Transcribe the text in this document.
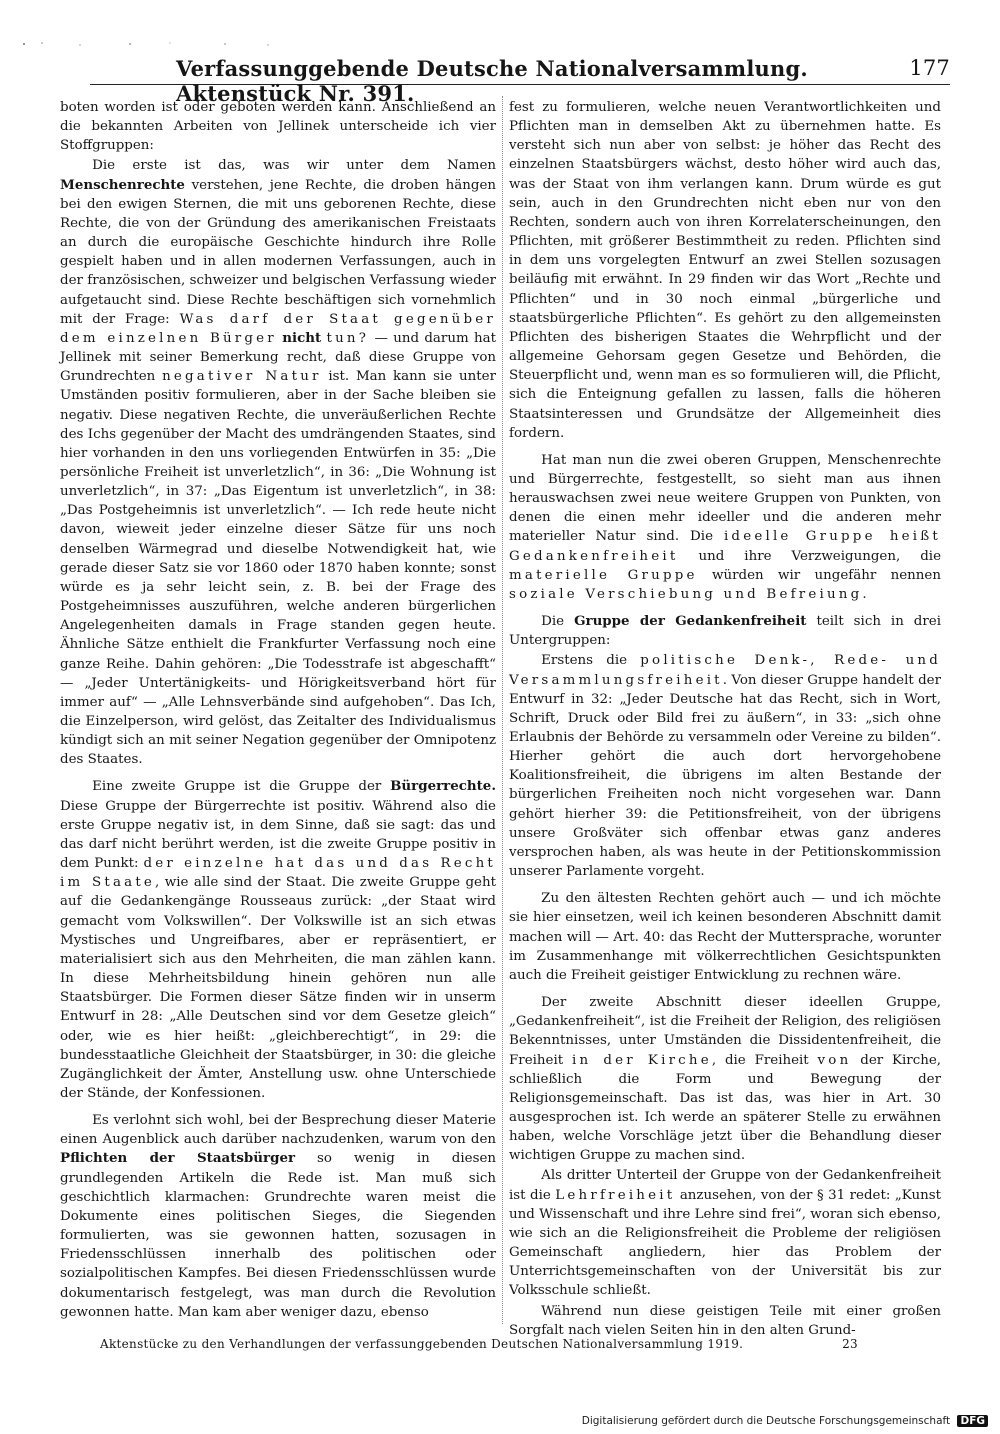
Verfassunggebende Deutsche Nationalversammlung. Aktenstück Nr. 391.
177

boten worden ist oder geboten werden kann. Anschließend an die bekannten Arbeiten von Jellinek unterscheide ich vier Stoffgruppen:

Die erste ist das, was wir unter dem Namen Menschenrechte verstehen, jene Rechte, die droben hängen bei den ewigen Sternen, die mit uns geborenen Rechte, diese Rechte, die von der Gründung des amerikanischen Freistaats an durch die europäische Geschichte hindurch ihre Rolle gespielt haben und in allen modernen Verfassungen, auch in der französischen, schweizer und belgischen Verfassung wieder aufgetaucht sind. Diese Rechte beschäftigen sich vornehmlich mit der Frage: Was darf der Staat gegenüber dem einzelnen Bürger nicht tun? — und darum hat Jellinek mit seiner Bemerkung recht, daß diese Gruppe von Grundrechten negativer Natur ist. Man kann sie unter Umständen positiv formulieren, aber in der Sache bleiben sie negativ. Diese negativen Rechte, die unveräußerlichen Rechte des Ichs gegenüber der Macht des umdrängenden Staates, sind hier vorhanden in den uns vorliegenden Entwürfen in 35: „Die persönliche Freiheit ist unverletzlich“, in 36: „Die Wohnung ist unverletzlich“, in 37: „Das Eigentum ist unverletzlich“, in 38: „Das Postgeheimnis ist unverletzlich“. — Ich rede heute nicht davon, wieweit jeder einzelne dieser Sätze für uns noch denselben Wärmegrad und dieselbe Notwendigkeit hat, wie gerade dieser Satz sie vor 1860 oder 1870 haben konnte; sonst würde es ja sehr leicht sein, z. B. bei der Frage des Postgeheimnisses auszuführen, welche anderen bürgerlichen Angelegenheiten damals in Frage standen gegen heute. Ähnliche Sätze enthielt die Frankfurter Verfassung noch eine ganze Reihe. Dahin gehören: „Die Todesstrafe ist abgeschafft“ — „Jeder Untertänigkeits- und Hörigkeitsverband hört für immer auf“ — „Alle Lehnsverbände sind aufgehoben“. Das Ich, die Einzelperson, wird gelöst, das Zeitalter des Individualismus kündigt sich an mit seiner Negation gegenüber der Omnipotenz des Staates.

Eine zweite Gruppe ist die Gruppe der Bürgerrechte. Diese Gruppe der Bürgerrechte ist positiv. Während also die erste Gruppe negativ ist, in dem Sinne, daß sie sagt: das und das darf nicht berührt werden, ist die zweite Gruppe positiv in dem Punkt: der einzelne hat das und das Recht im Staate, wie alle sind der Staat. Die zweite Gruppe geht auf die Gedankengänge Rousseaus zurück: „der Staat wird gemacht vom Volkswillen“. Der Volkswille ist an sich etwas Mystisches und Ungreifbares, aber er repräsentiert, er materialisiert sich aus den Mehrheiten, die man zählen kann. In diese Mehrheitsbildung hinein gehören nun alle Staatsbürger. Die Formen dieser Sätze finden wir in unserm Entwurf in 28: „Alle Deutschen sind vor dem Gesetze gleich“ oder, wie es hier heißt: „gleichberechtigt“, in 29: die bundesstaatliche Gleichheit der Staatsbürger, in 30: die gleiche Zugänglichkeit der Ämter, Anstellung usw. ohne Unterschiede der Stände, der Konfessionen.

Es verlohnt sich wohl, bei der Besprechung dieser Materie einen Augenblick auch darüber nachzudenken, warum von den Pflichten der Staatsbürger so wenig in diesen grundlegenden Artikeln die Rede ist. Man muß sich geschichtlich klarmachen: Grundrechte waren meist die Dokumente eines politischen Sieges, die Siegenden formulierten, was sie gewonnen hatten, sozusagen in Friedensschlüssen innerhalb des politischen oder sozialpolitischen Kampfes. Bei diesen Friedensschlüssen wurde dokumentarisch festgelegt, was man durch die Revolution gewonnen hatte. Man kam aber weniger dazu, ebenso

fest zu formulieren, welche neuen Verantwortlichkeiten und Pflichten man in demselben Akt zu übernehmen hatte. Es versteht sich nun aber von selbst: je höher das Recht des einzelnen Staatsbürgers wächst, desto höher wird auch das, was der Staat von ihm verlangen kann. Drum würde es gut sein, auch in den Grundrechten nicht eben nur von den Rechten, sondern auch von ihren Korrelaterscheinungen, den Pflichten, mit größerer Bestimmtheit zu reden. Pflichten sind in dem uns vorgelegten Entwurf an zwei Stellen sozusagen beiläufig mit erwähnt. In 29 finden wir das Wort „Rechte und Pflichten“ und in 30 noch einmal „bürgerliche und staatsbürgerliche Pflichten“. Es gehört zu den allgemeinsten Pflichten des bisherigen Staates die Wehrpflicht und der allgemeine Gehorsam gegen Gesetze und Behörden, die Steuerpflicht und, wenn man es so formulieren will, die Pflicht, sich die Enteignung gefallen zu lassen, falls die höheren Staatsinteressen und Grundsätze der Allgemeinheit dies fordern.

Hat man nun die zwei oberen Gruppen, Menschenrechte und Bürgerrechte, festgestellt, so sieht man aus ihnen herauswachsen zwei neue weitere Gruppen von Punkten, von denen die einen mehr ideeller und die anderen mehr materieller Natur sind. Die ideelle Gruppe heißt Gedankenfreiheit und ihre Verzweigungen, die materielle Gruppe würden wir ungefähr nennen soziale Verschiebung und Befreiung.

Die Gruppe der Gedankenfreiheit teilt sich in drei Untergruppen:

Erstens die politische Denk-, Rede- und Versammlungsfreiheit. Von dieser Gruppe handelt der Entwurf in 32: „Jeder Deutsche hat das Recht, sich in Wort, Schrift, Druck oder Bild frei zu äußern“, in 33: „sich ohne Erlaubnis der Behörde zu versammeln oder Vereine zu bilden“. Hierher gehört die auch dort hervorgehobene Koalitionsfreiheit, die übrigens im alten Bestande der bürgerlichen Freiheiten noch nicht vorgesehen war. Dann gehört hierher 39: die Petitionsfreiheit, von der übrigens unsere Großväter sich offenbar etwas ganz anderes versprochen haben, als was heute in der Petitionskommission unserer Parlamente vorgeht.

Zu den ältesten Rechten gehört auch — und ich möchte sie hier einsetzen, weil ich keinen besonderen Abschnitt damit machen will — Art. 40: das Recht der Muttersprache, worunter im Zusammenhange mit völkerrechtlichen Gesichtspunkten auch die Freiheit geistiger Entwicklung zu rechnen wäre.

Der zweite Abschnitt dieser ideellen Gruppe, „Gedankenfreiheit“, ist die Freiheit der Religion, des religiösen Bekenntnisses, unter Umständen die Dissidentenfreiheit, die Freiheit in der Kirche, die Freiheit von der Kirche, schließlich die Form und Bewegung der Religionsgemeinschaft. Das ist das, was hier in Art. 30 ausgesprochen ist. Ich werde an späterer Stelle zu erwähnen haben, welche Vorschläge jetzt über die Behandlung dieser wichtigen Gruppe zu machen sind.

Als dritter Unterteil der Gruppe von der Gedankenfreiheit ist die Lehrfreiheit anzusehen, von der § 31 redet: „Kunst und Wissenschaft und ihre Lehre sind frei“, woran sich ebenso, wie sich an die Religionsfreiheit die Probleme der religiösen Gemeinschaft angliedern, hier das Problem der Unterrichtsgemeinschaften von der Universität bis zur Volksschule schließt.

Während nun diese geistigen Teile mit einer großen Sorgfalt nach vielen Seiten hin in den alten Grund-

Aktenstücke zu den Verhandlungen der verfassunggebenden Deutschen Nationalversammlung 1919.	23
Digitalisierung gefördert durch die Deutsche Forschungsgemeinschaft DFG
